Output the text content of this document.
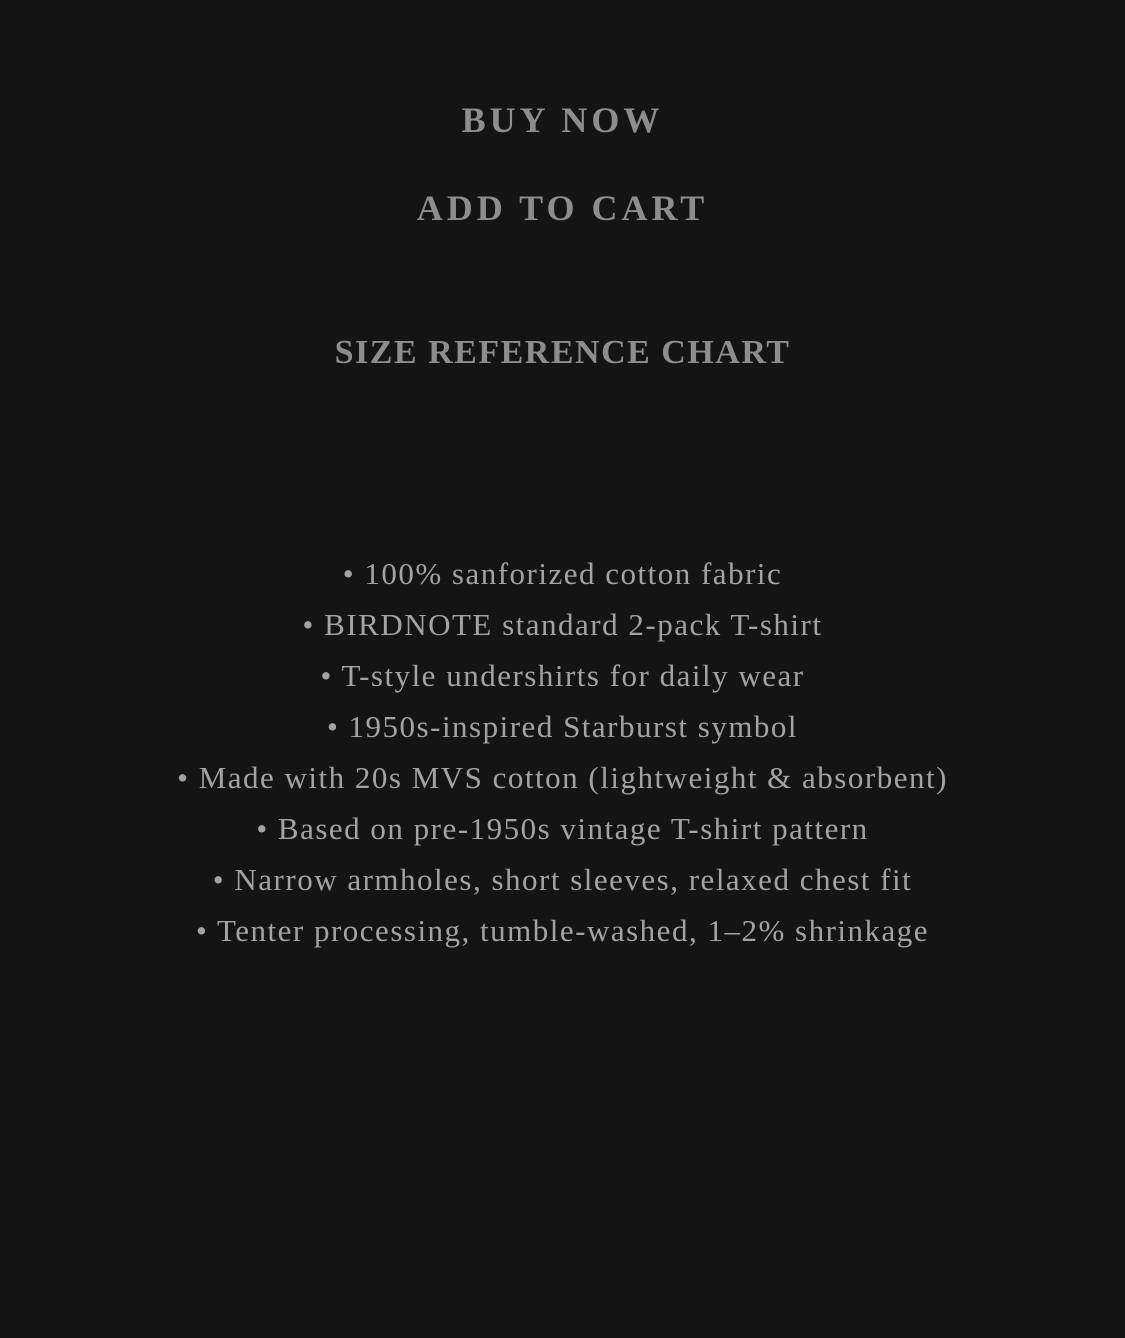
BUY NOW
ADD TO CART
SIZE REFERENCE CHART
• 100% sanforized cotton fabric
• BIRDNOTE standard 2-pack T-shirt
• T-style undershirts for daily wear
• 1950s-inspired Starburst symbol
• Made with 20s MVS cotton (lightweight & absorbent)
• Based on pre-1950s vintage T-shirt pattern
• Narrow armholes, short sleeves, relaxed chest fit
• Tenter processing, tumble-washed, 1–2% shrinkage
